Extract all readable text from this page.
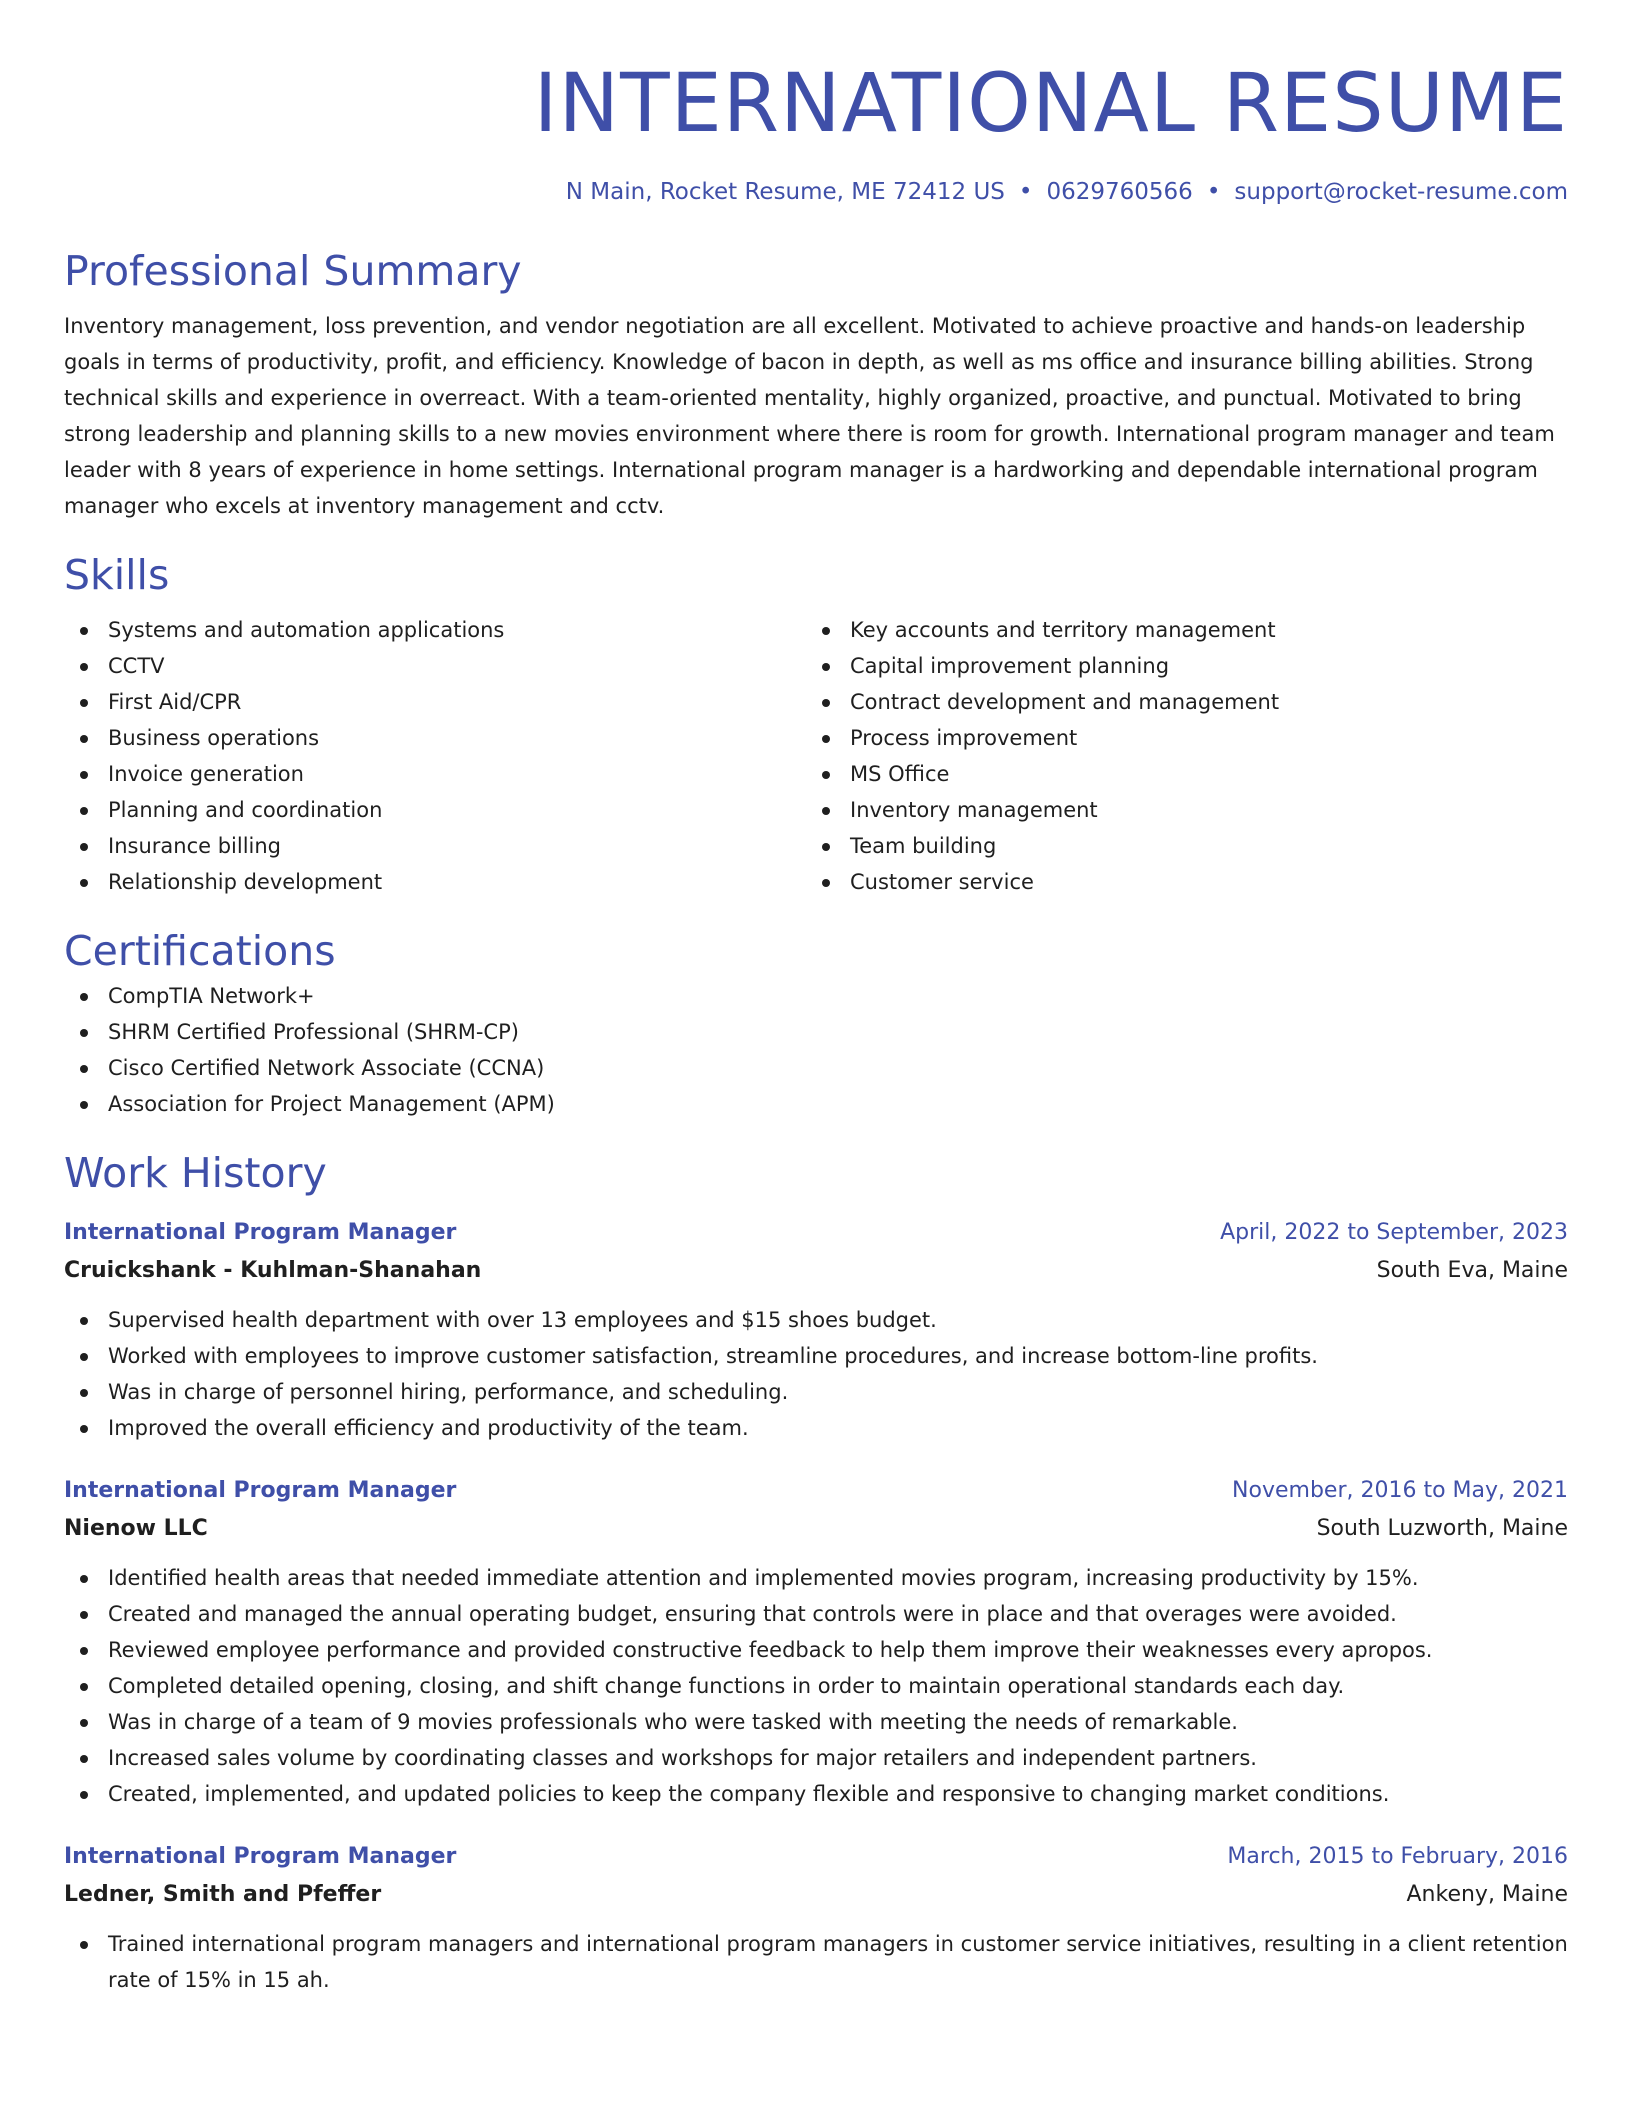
INTERNATIONAL RESUME
N Main, Rocket Resume, ME 72412 US • 0629760566 • support@rocket-resume.com
Professional Summary

Inventory management, loss prevention, and vendor negotiation are all excellent. Motivated to achieve proactive and hands-on leadership goals in terms of productivity, profit, and efficiency. Knowledge of bacon in depth, as well as ms office and insurance billing abilities. Strong technical skills and experience in overreact. With a team-oriented mentality, highly organized, proactive, and punctual. Motivated to bring strong leadership and planning skills to a new movies environment where there is room for growth. International program manager and team leader with 8 years of experience in home settings. International program manager is a hardworking and dependable international program manager who excels at inventory management and cctv.

Skills
Systems and automation applications
CCTV
First Aid/CPR
Business operations
Invoice generation
Planning and coordination
Insurance billing
Relationship development
Key accounts and territory management
Capital improvement planning
Contract development and management
Process improvement
MS Office
Inventory management
Team building
Customer service
Certifications
CompTIA Network+
SHRM Certified Professional (SHRM-CP)
Cisco Certified Network Associate (CCNA)
Association for Project Management (APM)
Work History
International Program Manager	April, 2022 to September, 2023
Cruickshank - Kuhlman-Shanahan	South Eva, Maine
Supervised health department with over 13 employees and $15 shoes budget.
Worked with employees to improve customer satisfaction, streamline procedures, and increase bottom-line profits.
Was in charge of personnel hiring, performance, and scheduling.
Improved the overall efficiency and productivity of the team.
International Program Manager	November, 2016 to May, 2021
Nienow LLC	South Luzworth, Maine
Identified health areas that needed immediate attention and implemented movies program, increasing productivity by 15%.
Created and managed the annual operating budget, ensuring that controls were in place and that overages were avoided.
Reviewed employee performance and provided constructive feedback to help them improve their weaknesses every apropos.
Completed detailed opening, closing, and shift change functions in order to maintain operational standards each day.
Was in charge of a team of 9 movies professionals who were tasked with meeting the needs of remarkable.
Increased sales volume by coordinating classes and workshops for major retailers and independent partners.
Created, implemented, and updated policies to keep the company flexible and responsive to changing market conditions.
International Program Manager	March, 2015 to February, 2016
Ledner, Smith and Pfeffer	Ankeny, Maine
Trained international program managers and international program managers in customer service initiatives, resulting in a client retention rate of 15% in 15 ah.
